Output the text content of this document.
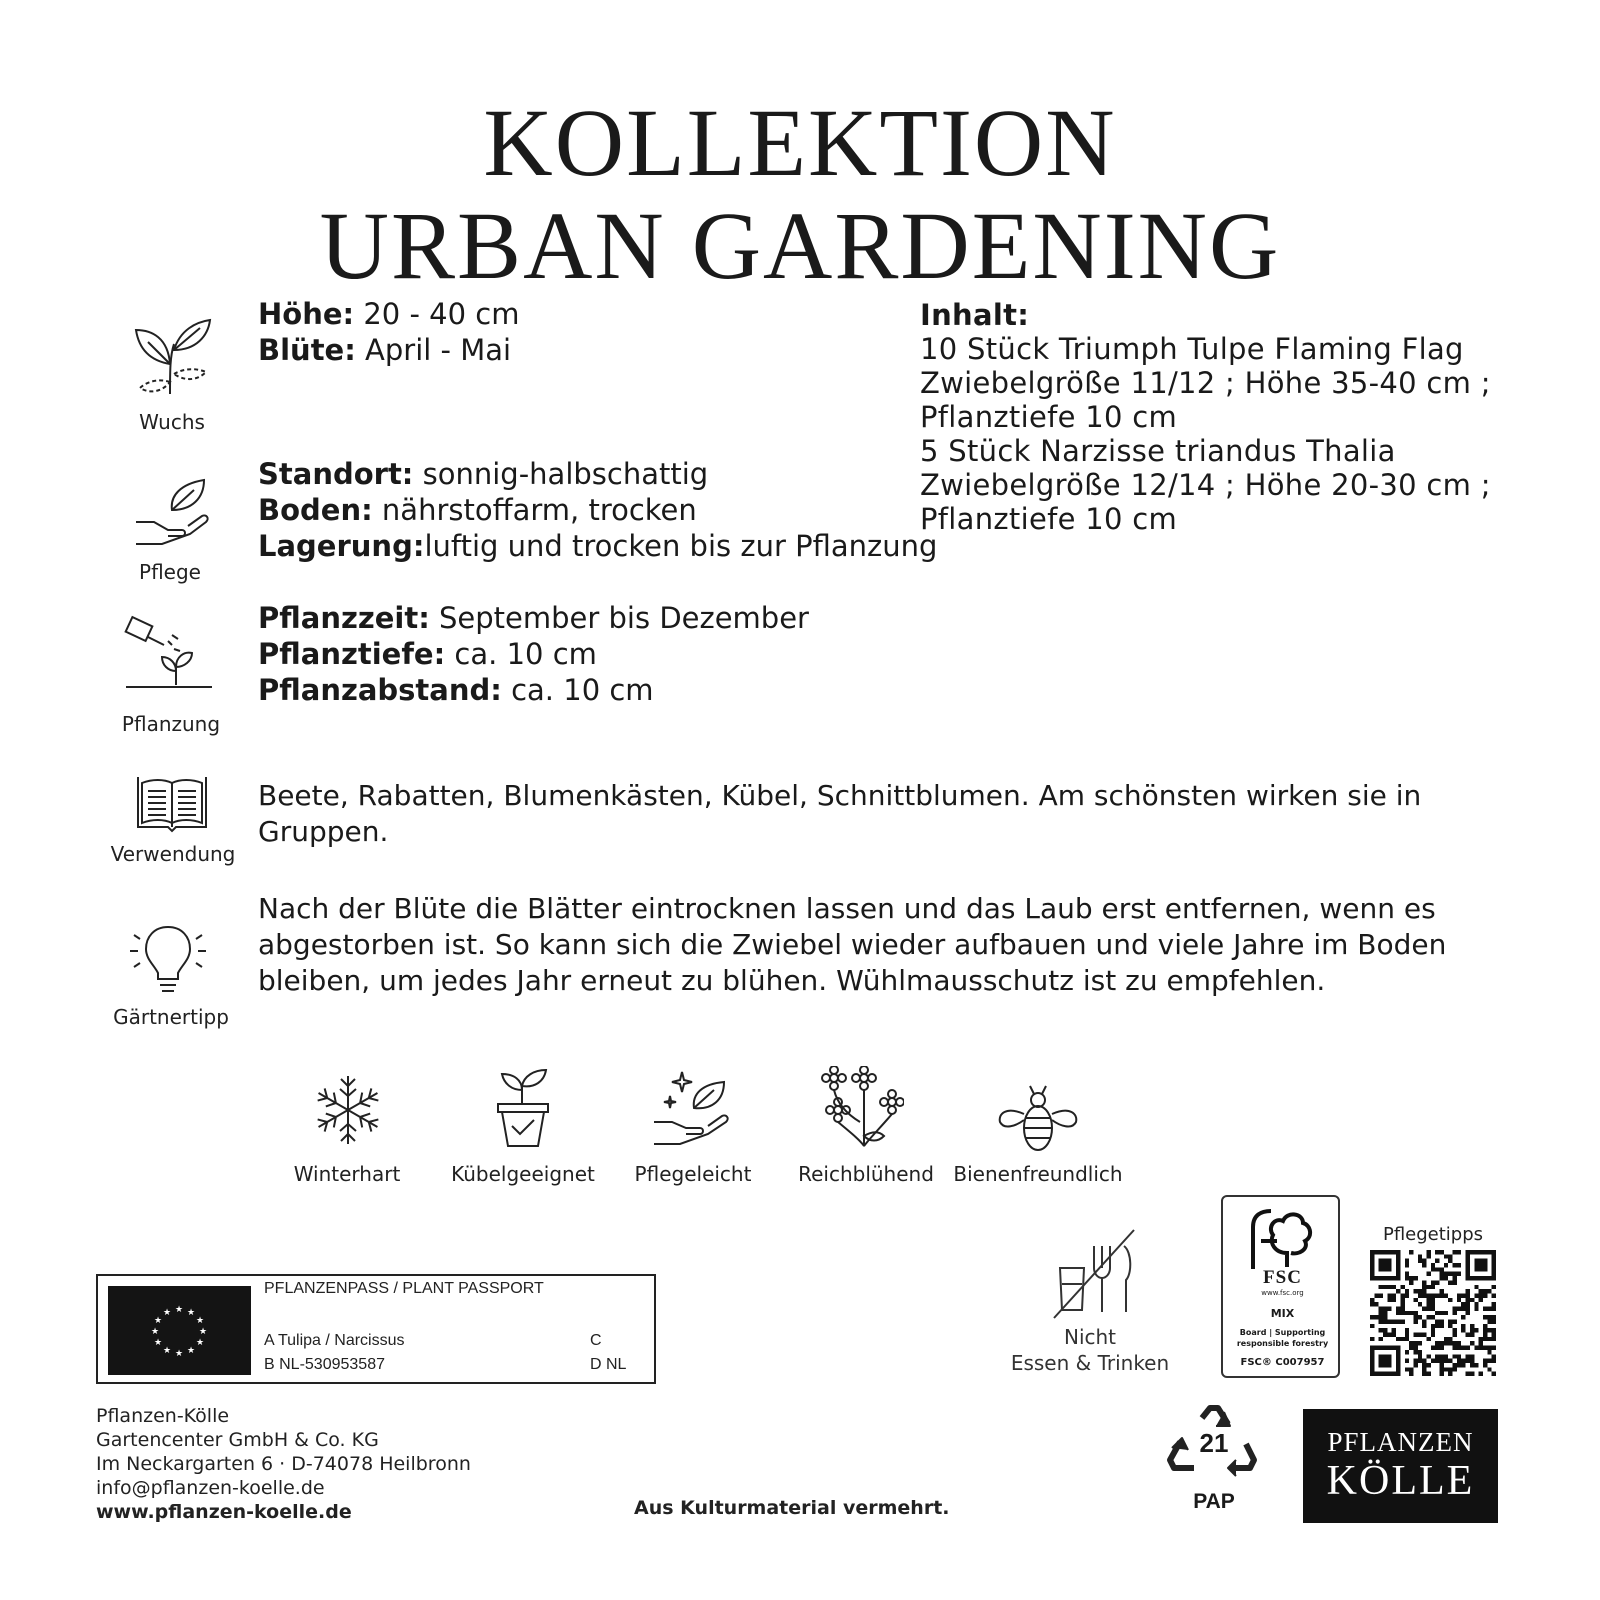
KOLLEKTION
URBAN GARDENING
Wuchs
Höhe: 20 - 40 cm
Blüte: April - Mai
Inhalt:
10 Stück Triumph Tulpe Flaming Flag
Zwiebelgröße 11/12 ; Höhe 35-40 cm ;
Pflanztiefe 10 cm
5 Stück Narzisse triandus Thalia
Zwiebelgröße 12/14 ; Höhe 20-30 cm ;
Pflanztiefe 10 cm
Pflege
Standort: sonnig-halbschattig
Boden: nährstoffarm, trocken
Lagerung:luftig und trocken bis zur Pflanzung
Pflanzung
Pflanzzeit: September bis Dezember
Pflanztiefe: ca. 10 cm
Pflanzabstand: ca. 10 cm
Verwendung
Beete, Rabatten, Blumenkästen, Kübel, Schnittblumen. Am schönsten wirken sie in Gruppen.
Gärtnertipp
Nach der Blüte die Blätter eintrocknen lassen und das Laub erst entfernen, wenn es abgestorben ist. So kann sich die Zwiebel wieder aufbauen und viele Jahre im Boden bleiben, um jedes Jahr erneut zu blühen. Wühlmausschutz ist zu empfehlen.
Winterhart	Kübelgeeignet	Pflegeleicht	Reichblühend Bienenfreundlich
★ ★
★
★
★
★
★
★
★
★
★
★
PFLANZENPASS / PLANT PASSPORT
A Tulipa / Narcissus
B NL-530953587
C
D NL
Nicht
Essen & Trinken
FSC
www.fsc.org
MIX
Board | Supporting
responsible forestry
FSC® C007957
Pflegetipps
Pflanzen-Kölle
Gartencenter GmbH & Co. KG
Im Neckargarten 6 · D-74078 Heilbronn
info@pflanzen-koelle.de
www.pflanzen-koelle.de	Aus Kulturmaterial vermehrt.
21
PAP
PFLANZEN
KÖLLE
